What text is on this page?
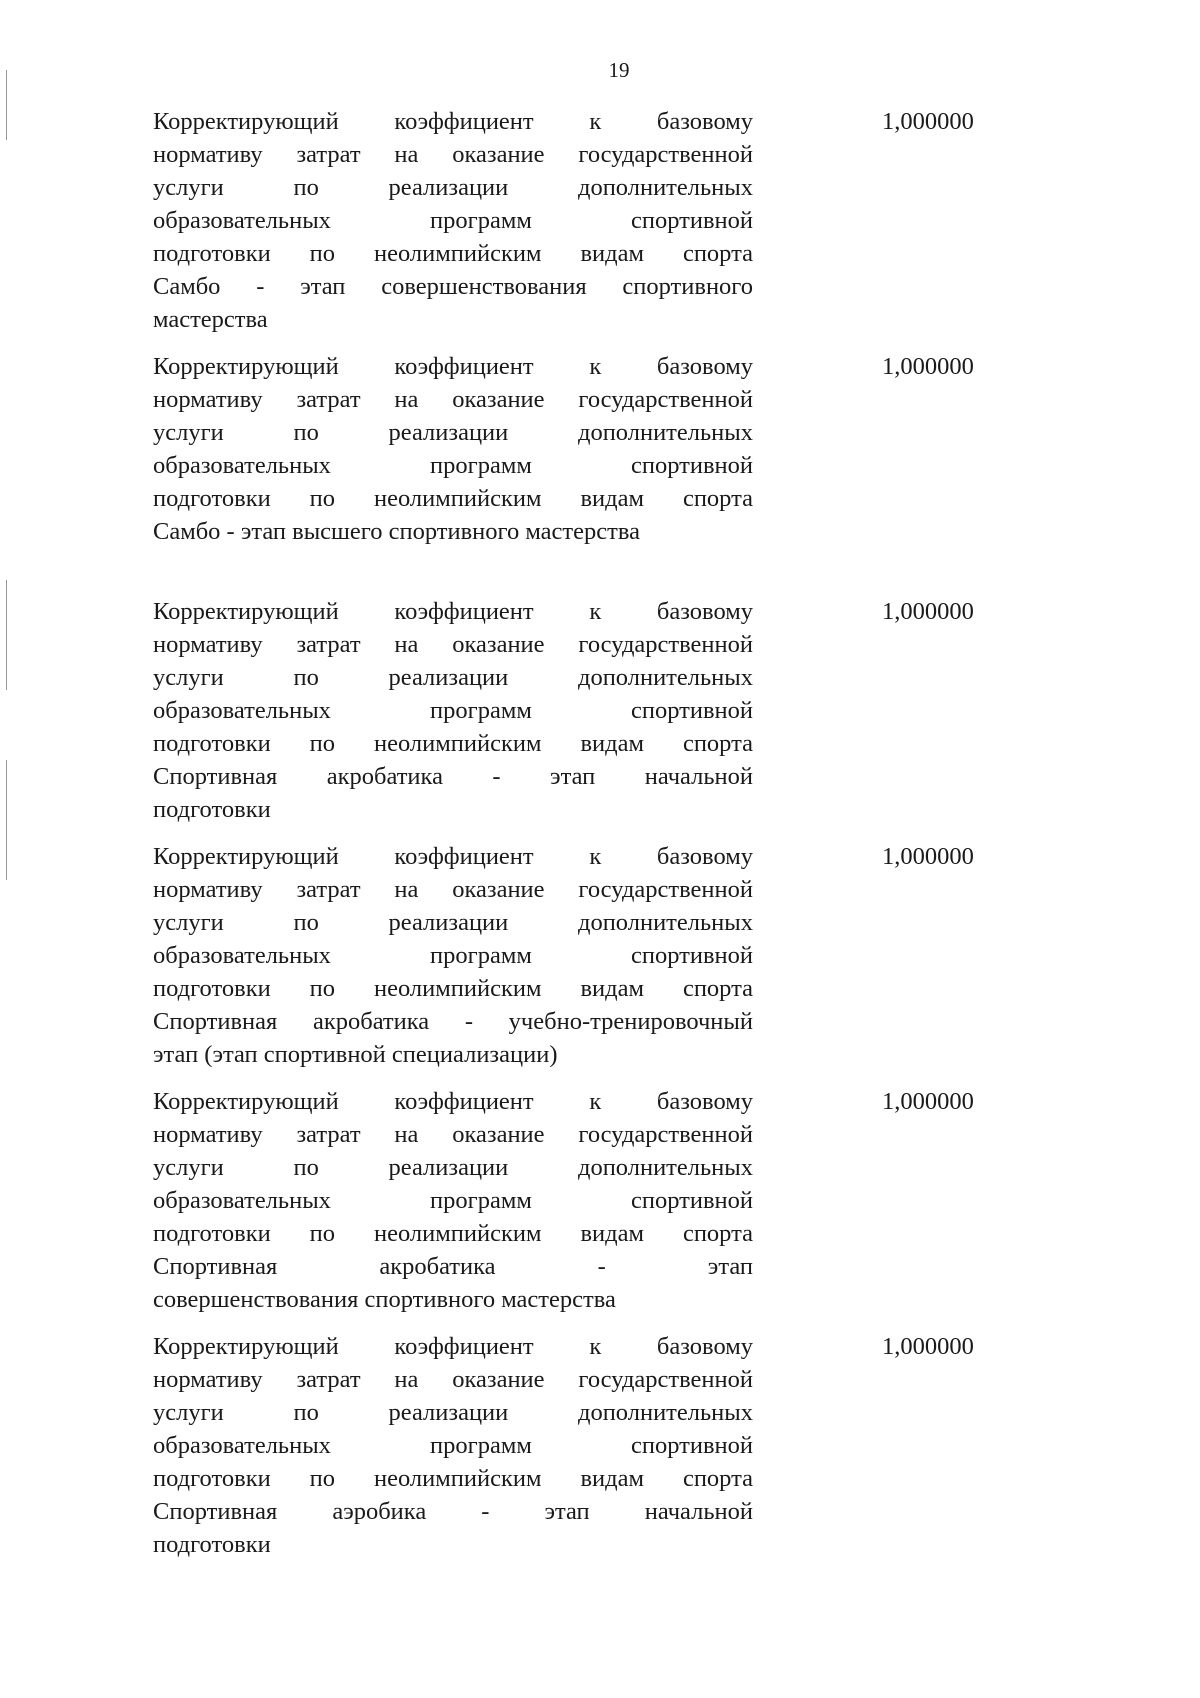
19
Корректирующий коэффициент к базовому
нормативу затрат на оказание государственной
услуги по реализации дополнительных
образовательных программ спортивной
подготовки по неолимпийским видам спорта
Самбо - этап совершенствования спортивного
мастерства
1,000000
Корректирующий коэффициент к базовому
нормативу затрат на оказание государственной
услуги по реализации дополнительных
образовательных программ спортивной
подготовки по неолимпийским видам спорта
Самбо - этап высшего спортивного мастерства
1,000000
Корректирующий коэффициент к базовому
нормативу затрат на оказание государственной
услуги по реализации дополнительных
образовательных программ спортивной
подготовки по неолимпийским видам спорта
Спортивная акробатика - этап начальной
подготовки
1,000000
Корректирующий коэффициент к базовому
нормативу затрат на оказание государственной
услуги по реализации дополнительных
образовательных программ спортивной
подготовки по неолимпийским видам спорта
Спортивная акробатика - учебно-тренировочный
этап (этап спортивной специализации)
1,000000
Корректирующий коэффициент к базовому
нормативу затрат на оказание государственной
услуги по реализации дополнительных
образовательных программ спортивной
подготовки по неолимпийским видам спорта
Спортивная акробатика - этап
совершенствования спортивного мастерства
1,000000
Корректирующий коэффициент к базовому
нормативу затрат на оказание государственной
услуги по реализации дополнительных
образовательных программ спортивной
подготовки по неолимпийским видам спорта
Спортивная аэробика - этап начальной
подготовки
1,000000
